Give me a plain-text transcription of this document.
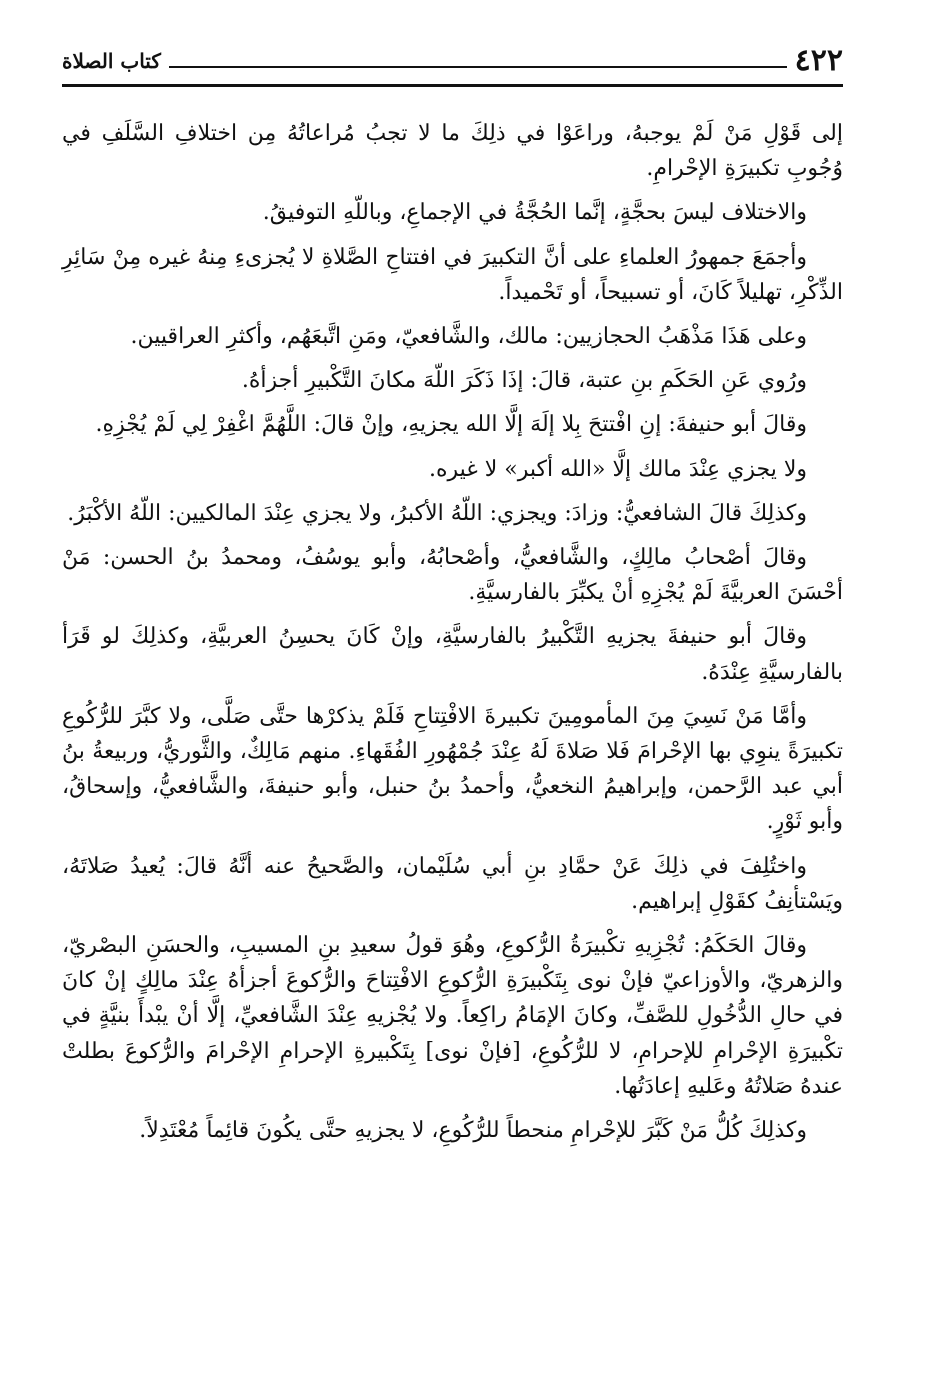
٤٢٢
كتاب الصلاة

إلى قَوْلِ مَنْ لَمْ يوجبهُ، وراعَوْا في ذلِكَ ما لا تجبُ مُراعاتُهُ مِن اختلافِ السَّلَفِ في وُجُوبِ تكبيرَةِ الإحْرامِ.

والاختلاف ليسَ بحجَّةٍ، إنَّما الحُجَّةُ في الإجماعِ، وباللّهِ التوفيقُ.

وأجمَعَ جمهورُ العلماءِ على أنَّ التكبيرَ في افتتاحِ الصَّلاةِ لا يُجزىءِ مِنهُ غيره مِنْ سَائِرِ الذِّكْرِ، تهليلاً كَانَ، أو تسبيحاً، أو تَحْميداً.

وعلى هَذَا مَذْهَبُ الحجازيين: مالك، والشَّافعيّ، ومَنِ اتَّبعَهُم، وأكثرِ العراقيين.

ورُوي عَنِ الحَكَمِ بنِ عتبة، قالَ: إذَا ذَكَرَ اللّهَ مكانَ التَّكْبيرِ أجزأهُ.

وقالَ أبو حنيفةَ: إنِ افْتتحَ بِلا إلَهَ إلَّا الله يجزيهِ، وإنْ قالَ: اللَّهُمَّ اغْفِرْ لِي لَمْ يُجْزِهِ.

ولا يجزي عِنْدَ مالك إلَّا «الله أكبر» لا غيره.

وكذلِكَ قالَ الشافعيُّ: وزادَ: ويجزي: اللّهُ الأكبرُ، ولا يجزي عِنْدَ المالكيين: اللّهُ الأكْبَرُ.

وقالَ أصْحابُ مالِكٍ، والشَّافعيُّ، وأصْحابُهُ، وأبو يوسُفُ، ومحمدُ بنُ الحسن: مَنْ أحْسَنَ العربيَّةَ لَمْ يُجْزِهِ أنْ يكبِّرَ بالفارسيَّةِ.

وقالَ أبو حنيفةَ يجزيهِ التَّكْبيرُ بالفارسيَّةِ، وإنْ كَانَ يحسِنُ العربيَّةِ، وكذلِكَ لو قَرَأ بالفارسيَّةِ عِنْدَهُ.

وأمَّا مَنْ نَسِيَ مِنَ المأمومِينَ تكبيرةَ الافْتِتاحِ فَلَمْ يذكرْها حتَّى صَلَّى، ولا كبَّرَ للرُّكُوعِ تكبيرَةً ينوِي بها الإحْرامَ فَلا صَلاةَ لَهُ عِنْدَ جُمْهُورِ الفُقَهاءِ. منهم مَالِكٌ، والثَّوريُّ، وربيعةُ بنُ أبي عبد الرَّحمن، وإبراهيمُ النخعيُّ، وأحمدُ بنُ حنبل، وأبو حنيفةَ، والشَّافعيُّ، وإسحاقُ، وأبو ثَوْرٍ.

واختُلِفَ في ذلِكَ عَنْ حمَّادِ بنِ أبي سُلَيْمان، والصَّحيحُ عنه أنَّهُ قالَ: يُعيدُ صَلاتَهُ، ويَسْتأنِفُ كقَوْلِ إبراهيم.

وقالَ الحَكَمُ: تُجْزِيهِ تكْبيرَةُ الرُّكوعِ، وهُوَ قولُ سعيدِ بنِ المسيبِ، والحسَنِ البصْريّ، والزهريّ، والأوزاعيّ فإنْ نوى بِتَكْبيرَةِ الرُّكوعِ الافْتِتاحَ والرُّكوعَ أجزأهُ عِنْدَ مالِكٍ إنْ كانَ في حالِ الدُّخُولِ للصَّفِّ، وكانَ الإمَامُ راكِعاً. ولا يُجْزيهِ عِنْدَ الشَّافعيِّ، إلَّا أنْ يبْدأَ بنيَّةٍ في تكْبيرَةِ الإحْرامِ للإحرامِ، لا للرُّكُوعِ، [فإنْ نوى] بِتَكْبيرةِ الإحرامِ الإحْرامَ والرُّكوعَ بطلتْ عندهُ صَلاتُهُ وعَليهِ إعادَتُها.

وكذلِكَ كُلُّ مَنْ كَبَّرَ للإحْرامِ منحطاً للرُّكُوعِ، لا يجزيهِ حتَّى يكُونَ قائِماً مُعْتَدِلاً.
